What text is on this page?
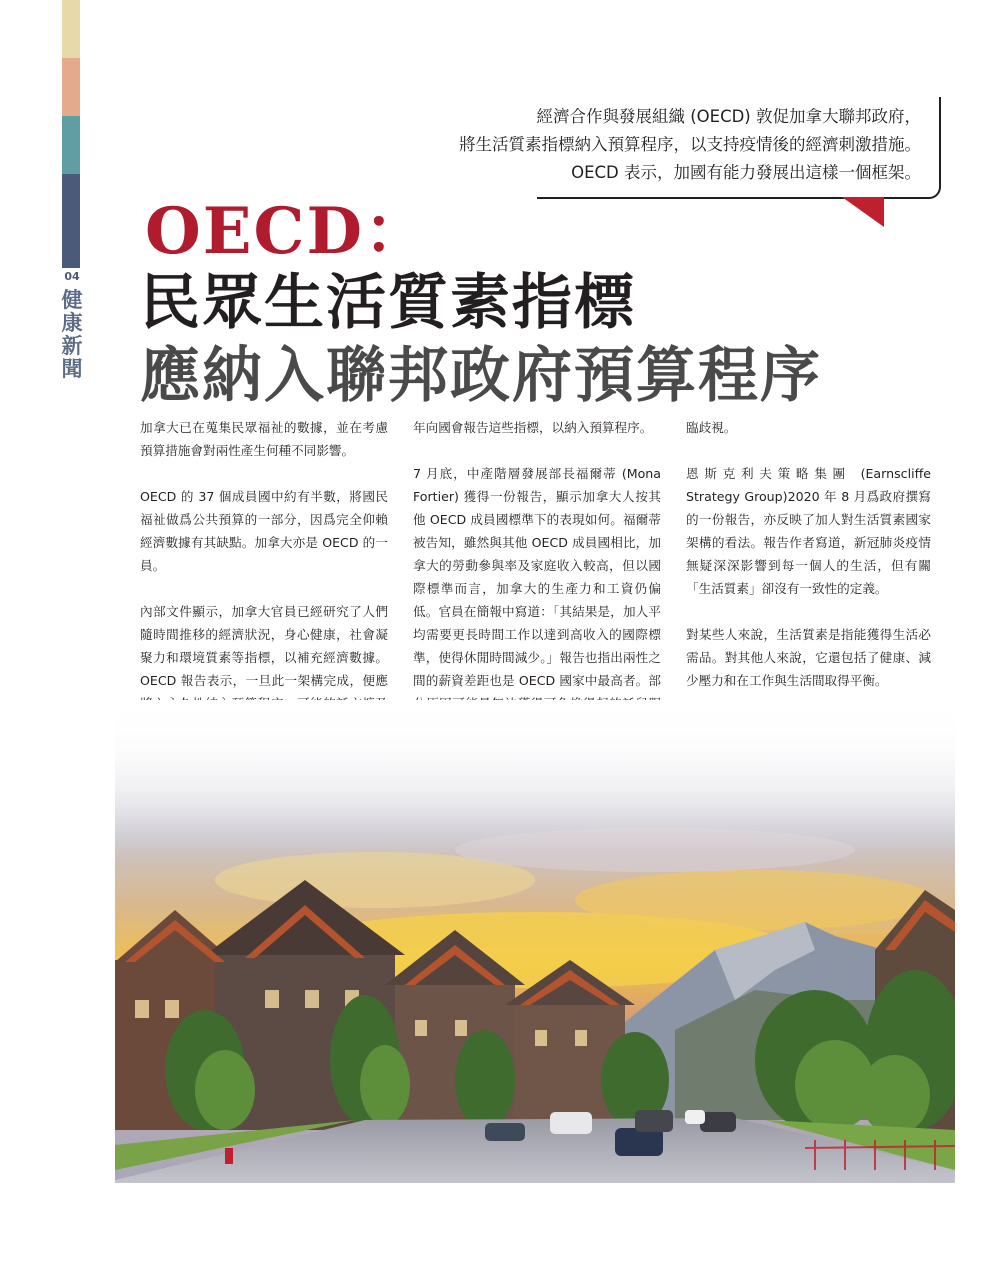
04
健
康
新
聞
經濟合作與發展組織 (OECD) 敦促加拿大聯邦政府，
將生活質素指標納入預算程序，以支持疫情後的經濟刺激措施。
OECD 表示，加國有能力發展出這樣一個框架。
OECD：
民眾生活質素指標
應納入聯邦政府預算程序

加拿大已在蒐集民眾福祉的數據，並在考慮預算措施會對兩性產生何種不同影響。

OECD 的 37 個成員國中約有半數，將國民福祉做爲公共預算的一部分，因爲完全仰賴經濟數據有其缺點。加拿大亦是 OECD 的一員。

內部文件顯示，加拿大官員已經研究了人們隨時間推移的經濟狀況，身心健康，社會凝聚力和環境質素等指標，以補充經濟數據。OECD 報告表示，一旦此一架構完成，便應

年向國會報告這些指標，以納入預算程序。

7 月底，中產階層發展部長福爾蒂 (Mona Fortier) 獲得一份報告，顯示加拿大人按其他 OECD 成員國標準下的表現如何。福爾蒂被告知，雖然與其他 OECD 成員國相比，加拿大的勞動參與率及家庭收入較高，但以國際標準而言，加拿大的生產力和工資仍偏低。官員在簡報中寫道：「其結果是，加人平均需要更長時間工作以達到高收入的國際標準，使得休閒時間減少。」報告也指出兩性之間的薪資差距也是 OECD 國家中最高者。部

臨歧視。

恩斯克利夫策略集團 (Earnscliffe Strategy Group)2020 年 8 月爲政府撰寫的一份報告，亦反映了加人對生活質素國家架構的看法。報告作者寫道，新冠肺炎疫情無疑深深影響到每一個人的生活，但有關「生活質素」卻沒有一致性的定義。

對某些人來說，生活質素是指能獲得生活必需品。對其他人來說，它還包括了健康、減少壓力和在工作與生活間取得平衡。
